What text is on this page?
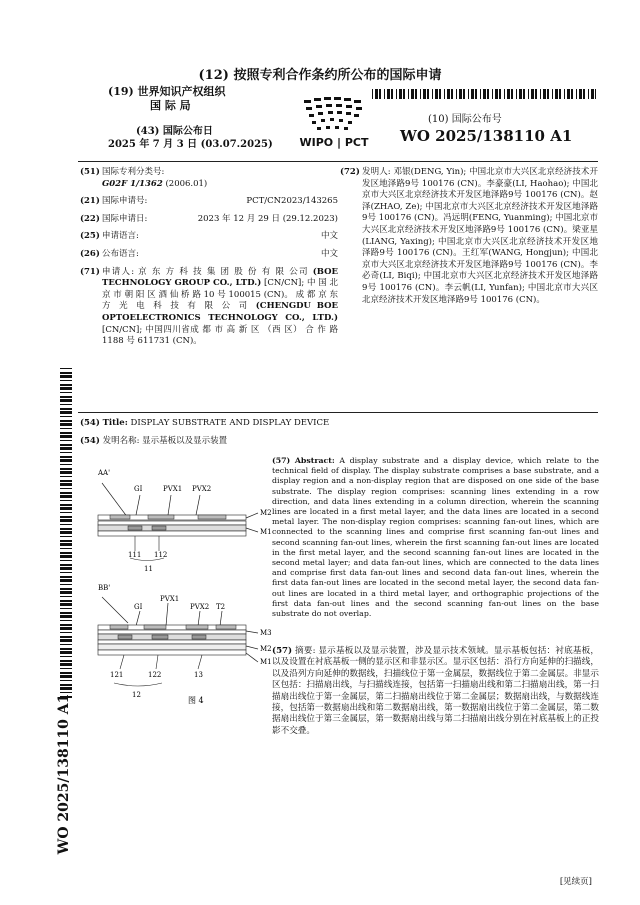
(12) 按照专利合作条约所公布的国际申请
(19) 世界知识产权组织
国 际 局
(43) 国际公布日
2025 年 7 月 3 日 (03.07.2025) WIPO | PCT
(10) 国际公布号
WO 2025/138110 A1
(51) 国际专利分类号:
G02F 1/1362 (2006.01)
(21) 国际申请号:	PCT/CN2023/143265
(22) 国际申请日:	2023 年 12 月 29 日 (29.12.2023)
(25) 申请语言:	中文
(26) 公布语言:	中文
(71) 申请人: 京 东 方 科 技 集 团 股 份 有 限 公司 (BOE TECHNOLOGY GROUP CO., LTD.) [CN/CN]; 中 国 北 京 市 朝 阳 区 酒 仙 桥 路 10 号 100015 (CN)。 成 都 京 东 方 光 电 科 技 有 限 公 司 (CHENGDU BOE OPTOELECTRONICS TECHNOLOGY CO., LTD.) [CN/CN]; 中国四川省成 都 市 高 新 区 （西 区） 合 作 路 1188 号 611731 (CN)。
(72) 发明人: 邓银(DENG, Yin); 中国北京市大兴区北京经济技术开发区地泽路9号 100176 (CN)。李豪豪(LI, Haohao); 中国北京市大兴区北京经济技术开发区地泽路9号 100176 (CN)。赵泽(ZHAO, Ze); 中国北京市大兴区北京经济技术开发区地泽路9号 100176 (CN)。冯远明(FENG, Yuanming); 中国北京市大兴区北京经济技术开发区地泽路9号 100176 (CN)。梁亚星(LIANG, Yaxing); 中国北京市大兴区北京经济技术开发区地泽路9号 100176 (CN)。王红军(WANG, Hongjun); 中国北京市大兴区北京经济技术开发区地泽路9号 100176 (CN)。李必奇(LI, Biqi); 中国北京市大兴区北京经济技术开发区地泽路9号 100176 (CN)。李云帆(LI, Yunfan); 中国北京市大兴区北京经济技术开发区地泽路9号 100176 (CN)。
(54) Title: DISPLAY SUBSTRATE AND DISPLAY DEVICE
(54) 发明名称: 显示基板以及显示装置
AA'
GI	PVX1 PVX2
M2
M1
111 112
11
BB'
GI
PVX1
PVX2 T2
M3
M2
M1
121	122	13
12
图 4
(57) Abstract: A display substrate and a display device, which relate to the technical field of display. The display substrate comprises a base substrate, and a display region and a non-display region that are disposed on one side of the base substrate. The display region comprises: scanning lines extending in a row direction, and data lines extending in a column direction, wherein the scanning lines are located in a first metal layer, and the data lines are located in a second metal layer. The non-display region comprises: scanning fan-out lines, which are connected to the scanning lines and comprise first scanning fan-out lines and second scanning fan-out lines, wherein the first scanning fan-out lines are located in the first metal layer, and the second scanning fan-out lines are located in the second metal layer; and data fan-out lines, which are connected to the data lines and comprise first data fan-out lines and second data fan-out lines, wherein the first data fan-out lines are located in the second metal layer, the second data fan-out lines are located in a third metal layer, and orthographic projections of the first data fan-out lines and the second scanning fan-out lines on the base substrate do not overlap.
(57) 摘要: 显示基板以及显示装置，涉及显示技术领域。显示基板包括：衬底基板，以及设置在衬底基板一侧的显示区和非显示区。显示区包括：沿行方向延伸的扫描线，以及沿列方向延伸的数据线，扫描线位于第一金属层，数据线位于第二金属层。非显示区包括：扫描扇出线，与扫描线连接，包括第一扫描扇出线和第二扫描扇出线，第一扫描扇出线位于第一金属层，第二扫描扇出线位于第二金属层；数据扇出线，与数据线连接，包括第一数据扇出线和第二数据扇出线，第一数据扇出线位于第二金属层，第二数据扇出线位于第三金属层，第一数据扇出线与第二扫描扇出线分别在衬底基板上的正投影不交叠。
WO 2025/138110 A1
[见续页]
